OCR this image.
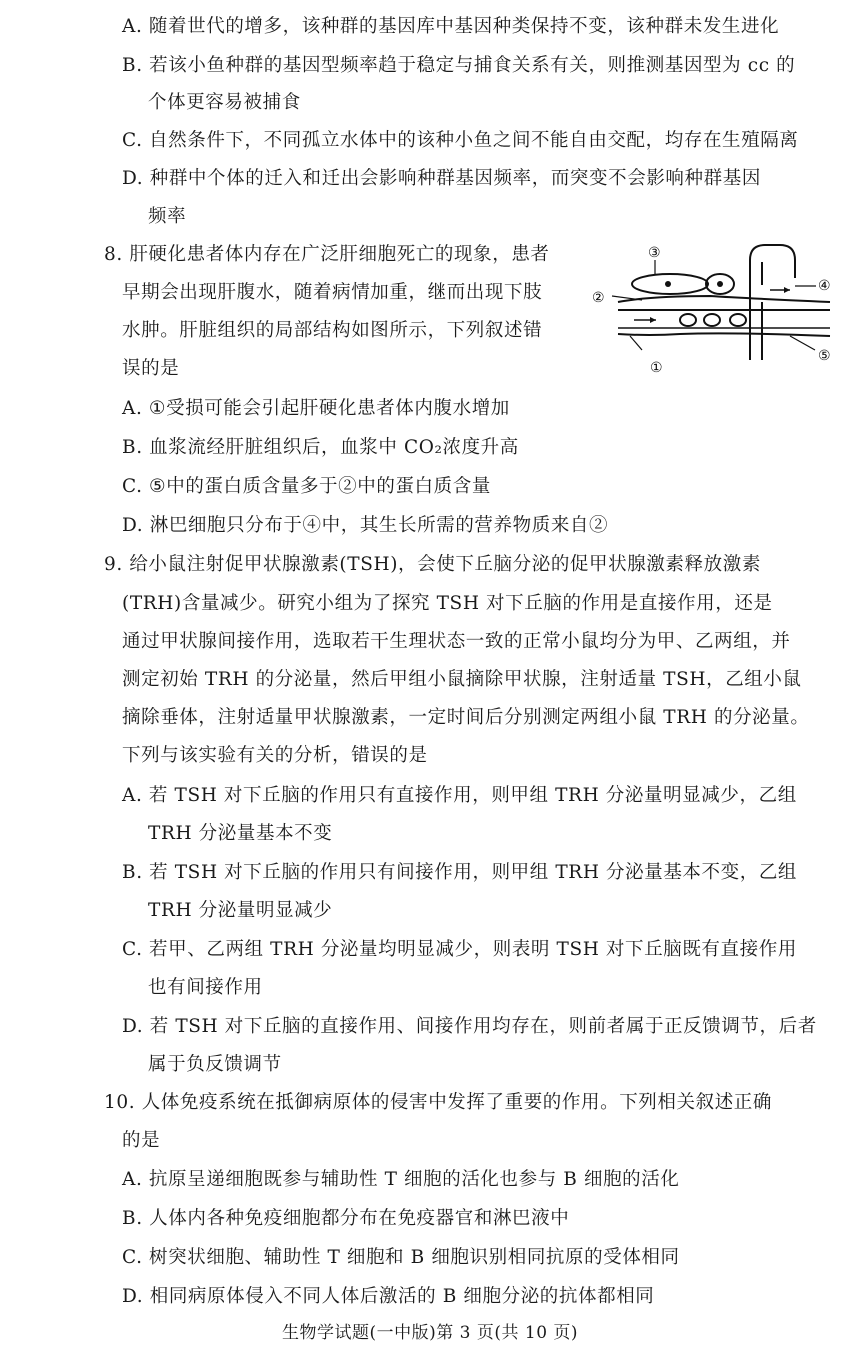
A. 随着世代的增多，该种群的基因库中基因种类保持不变，该种群未发生进化
B. 若该小鱼种群的基因型频率趋于稳定与捕食关系有关，则推测基因型为 cc 的
个体更容易被捕食
C. 自然条件下，不同孤立水体中的该种小鱼之间不能自由交配，均存在生殖隔离
D. 种群中个体的迁入和迁出会影响种群基因频率，而突变不会影响种群基因
频率
8. 肝硬化患者体内存在广泛肝细胞死亡的现象，患者
早期会出现肝腹水，随着病情加重，继而出现下肢
水肿。肝脏组织的局部结构如图所示，下列叙述错
误的是
③
②
④
①
⑤
A. ①受损可能会引起肝硬化患者体内腹水增加
B. 血浆流经肝脏组织后，血浆中 CO₂浓度升高
C. ⑤中的蛋白质含量多于②中的蛋白质含量
D. 淋巴细胞只分布于④中，其生长所需的营养物质来自②
9. 给小鼠注射促甲状腺激素(TSH)，会使下丘脑分泌的促甲状腺激素释放激素
(TRH)含量减少。研究小组为了探究 TSH 对下丘脑的作用是直接作用，还是
通过甲状腺间接作用，选取若干生理状态一致的正常小鼠均分为甲、乙两组，并
测定初始 TRH 的分泌量，然后甲组小鼠摘除甲状腺，注射适量 TSH，乙组小鼠
摘除垂体，注射适量甲状腺激素，一定时间后分别测定两组小鼠 TRH 的分泌量。
下列与该实验有关的分析，错误的是
A. 若 TSH 对下丘脑的作用只有直接作用，则甲组 TRH 分泌量明显减少，乙组
TRH 分泌量基本不变
B. 若 TSH 对下丘脑的作用只有间接作用，则甲组 TRH 分泌量基本不变，乙组
TRH 分泌量明显减少
C. 若甲、乙两组 TRH 分泌量均明显减少，则表明 TSH 对下丘脑既有直接作用
也有间接作用
D. 若 TSH 对下丘脑的直接作用、间接作用均存在，则前者属于正反馈调节，后者
属于负反馈调节
10. 人体免疫系统在抵御病原体的侵害中发挥了重要的作用。下列相关叙述正确
的是
A. 抗原呈递细胞既参与辅助性 T 细胞的活化也参与 B 细胞的活化
B. 人体内各种免疫细胞都分布在免疫器官和淋巴液中
C. 树突状细胞、辅助性 T 细胞和 B 细胞识别相同抗原的受体相同
D. 相同病原体侵入不同人体后激活的 B 细胞分泌的抗体都相同
生物学试题(一中版)第 3 页(共 10 页)
